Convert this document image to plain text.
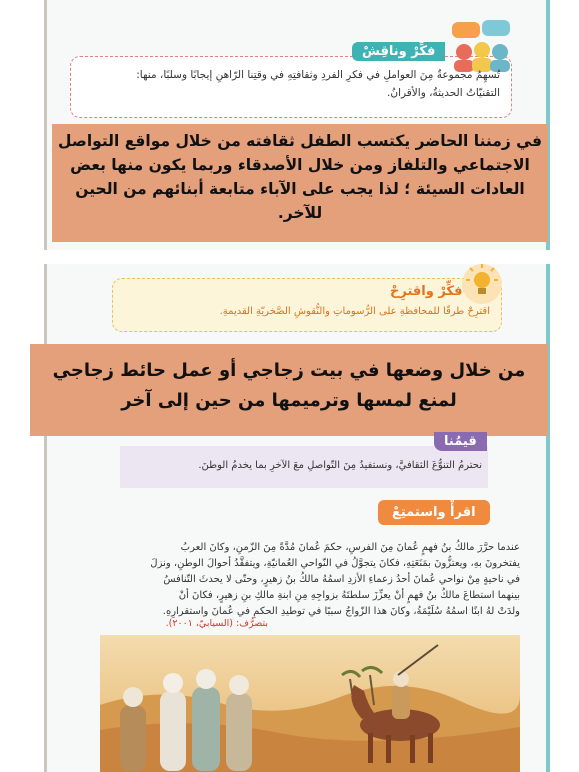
فكِّرْ وناقِشْ
تُسهِمُ مجموعةٌ مِنَ العواملِ في فكرِ الفردِ وثقافتِهِ في وقتِنا الرّاهنِ إيجابًا وسلبًا، منها: التقنيّاتُ الحديثةُ، والأقرانُ.
في زمننا الحاضر يكتسب الطفل ثقافته من خلال مواقع التواصل الاجتماعي والتلفاز ومن خلال الأصدقاء وربما يكون منها بعض العادات السيئة ؛ لذا يجب على الآباء متابعة أبنائهم من الحين للآخر.
فكِّرْ واقترِحْ
اقترِحْ طرقًا للمحافظةِ على الرُّسوماتِ والنُّقوشِ الصَّخريّةِ القديمةِ.
من خلال وضعها في بيت زجاجي أو عمل حائط زجاجي لمنع لمسها وترميمها من حين إلى آخر
قيمُنا
نحترمُ التنوُّعَ الثقافيَّ، ونستفيدُ مِنَ التّواصلِ معَ الآخرِ بما يخدمُ الوطنَ.
اقرأْ واستمتِعْ
عندما حرَّرَ مالكُ بنُ فهمٍ عُمانَ مِنَ الفرسِ، حكمَ عُمانَ مُدَّةً مِنَ الزّمنِ، وكانَ العربُ
يفتخرونَ بهِ، ويعتزُّونَ بمَنَعَتِهِ، فكانَ يتجوَّلُ في النّواحي العُمانيّةِ، ويتفقَّدُ أحوالَ الوطنِ، ونزلَ
في ناحيةٍ مِنْ نواحي عُمانَ أحدُ زعماءِ الأزدِ اسمُهُ مالكُ بنُ زهيرٍ، وحتّى لا يحدثَ التّنافسُ
بينهما استطاعَ مالكُ بنُ فهمٍ أنْ يعزِّزَ سلطتَهُ بزواجِهِ مِنِ ابنةِ مالكِ بنِ زهيرٍ، فكانَ أنْ
ولدَتْ لهُ ابنًا اسمُهُ سُلَيْمَةُ، وكانَ هذا الزّواجُ سببًا في توطيدِ الحكمِ في عُمانَ واستقرارِهِ.
بتصرُّف: (السيابيّ، ٢٠٠١).
